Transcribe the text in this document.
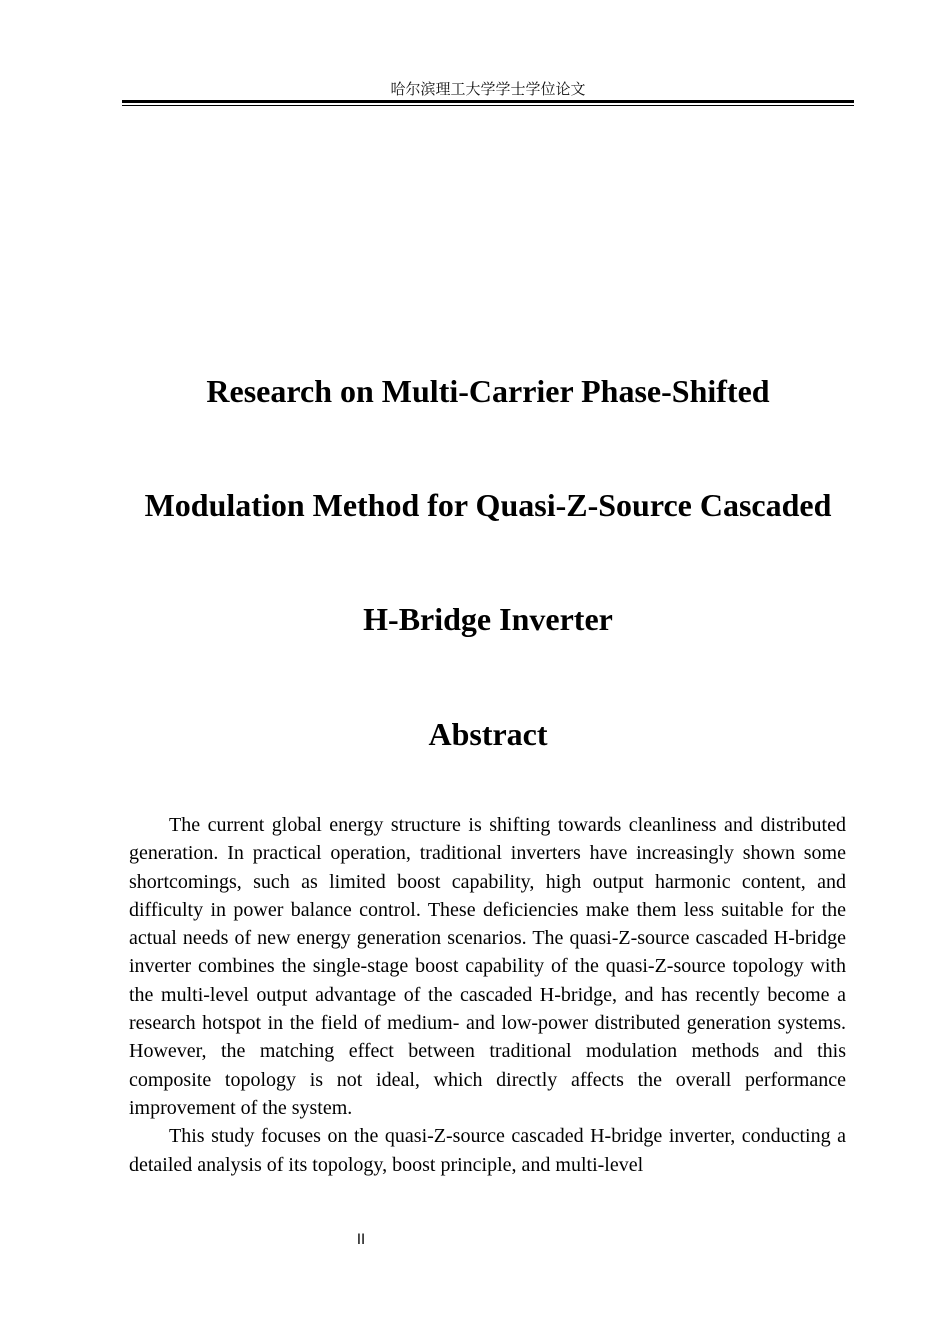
哈尔滨理工大学学士学位论文
Research on Multi-Carrier Phase-Shifted
Modulation Method for Quasi-Z-Source Cascaded
H-Bridge Inverter
Abstract

The current global energy structure is shifting towards cleanliness and distributed generation. In practical operation, traditional inverters have increasingly shown some shortcomings, such as limited boost capability, high output harmonic content, and difficulty in power balance control. These deficiencies make them less suitable for the actual needs of new energy generation scenarios. The quasi-Z-source cascaded H-bridge inverter combines the single-stage boost capability of the quasi-Z-source topology with the multi-level output advantage of the cascaded H-bridge, and has recently become a research hotspot in the field of medium- and low-power distributed generation systems. However, the matching effect between traditional modulation methods and this composite topology is not ideal, which directly affects the overall performance improvement of the system.

This study focuses on the quasi-Z-source cascaded H-bridge inverter, conducting a detailed analysis of its topology, boost principle, and multi-level

II
